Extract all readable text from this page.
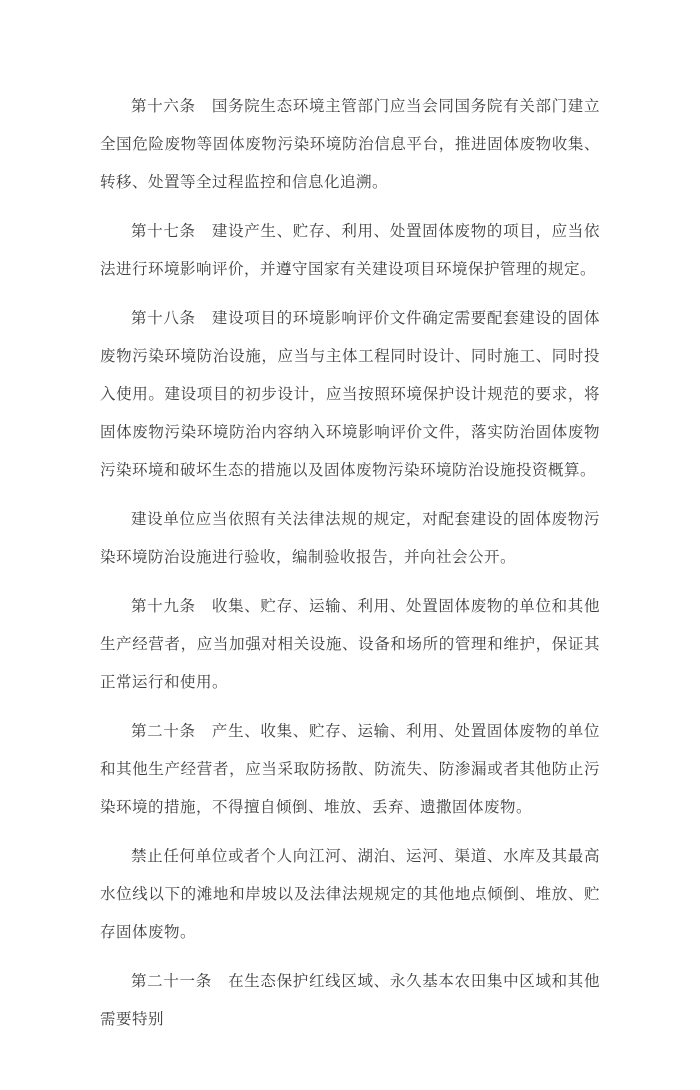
第十六条　国务院生态环境主管部门应当会同国务院有关部门建立全国危险废物等固体废物污染环境防治信息平台，推进固体废物收集、转移、处置等全过程监控和信息化追溯。

第十七条　建设产生、贮存、利用、处置固体废物的项目，应当依法进行环境影响评价，并遵守国家有关建设项目环境保护管理的规定。

第十八条　建设项目的环境影响评价文件确定需要配套建设的固体废物污染环境防治设施，应当与主体工程同时设计、同时施工、同时投入使用。建设项目的初步设计，应当按照环境保护设计规范的要求，将固体废物污染环境防治内容纳入环境影响评价文件，落实防治固体废物污染环境和破坏生态的措施以及固体废物污染环境防治设施投资概算。

建设单位应当依照有关法律法规的规定，对配套建设的固体废物污染环境防治设施进行验收，编制验收报告，并向社会公开。

第十九条　收集、贮存、运输、利用、处置固体废物的单位和其他生产经营者，应当加强对相关设施、设备和场所的管理和维护，保证其正常运行和使用。

第二十条　产生、收集、贮存、运输、利用、处置固体废物的单位和其他生产经营者，应当采取防扬散、防流失、防渗漏或者其他防止污染环境的措施，不得擅自倾倒、堆放、丢弃、遗撒固体废物。

禁止任何单位或者个人向江河、湖泊、运河、渠道、水库及其最高水位线以下的滩地和岸坡以及法律法规规定的其他地点倾倒、堆放、贮存固体废物。

第二十一条　在生态保护红线区域、永久基本农田集中区域和其他需要特别
